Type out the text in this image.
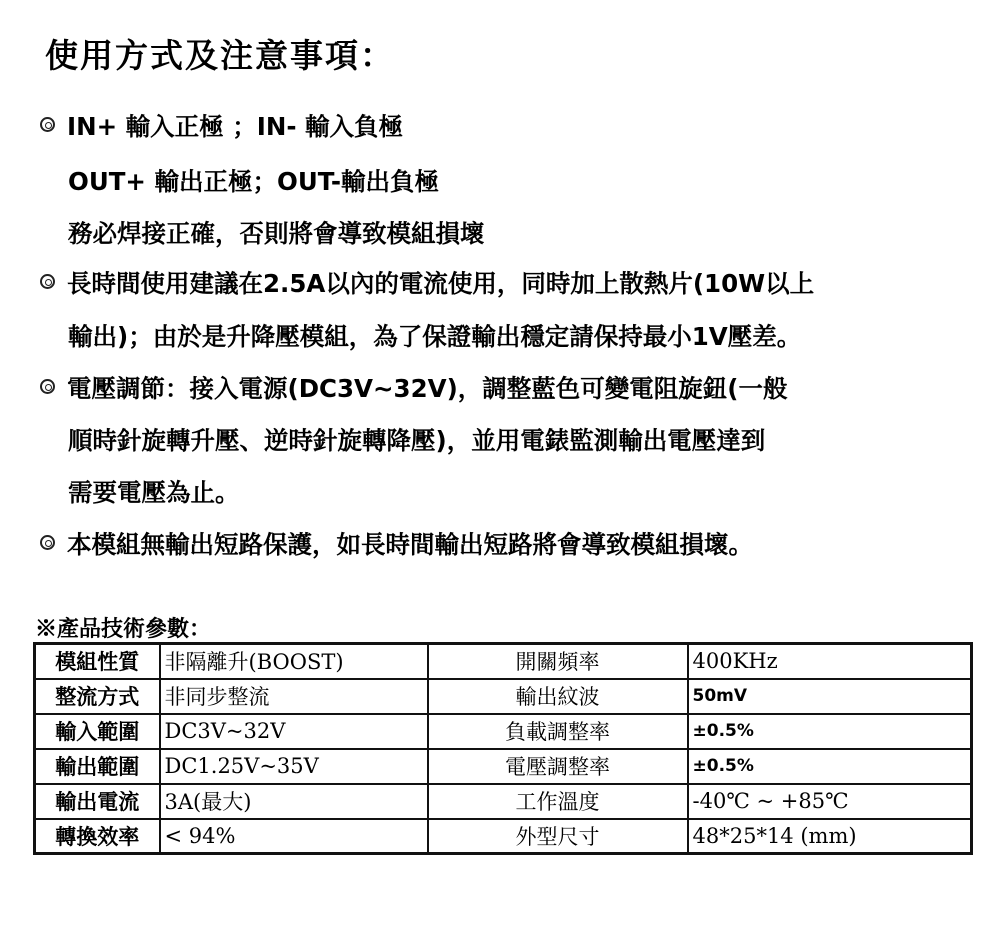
使用方式及注意事項：
IN+ 輸入正極 ；IN- 輸入負極
OUT+ 輸出正極；OUT-輸出負極
務必焊接正確，否則將會導致模組損壞
長時間使用建議在2.5A以內的電流使用，同時加上散熱片(10W以上
輸出)；由於是升降壓模組，為了保證輸出穩定請保持最小1V壓差。
電壓調節：接入電源(DC3V~32V)，調整藍色可變電阻旋鈕(一般
順時針旋轉升壓、逆時針旋轉降壓)，並用電錶監測輸出電壓達到
需要電壓為止。
本模組無輸出短路保護，如長時間輸出短路將會導致模組損壞。
※產品技術參數：
模組性質	非隔離升(BOOST)	開關頻率	400KHz
整流方式	非同步整流	輸出紋波	50mV
輸入範圍	DC3V~32V	負載調整率	±0.5%
輸出範圍	DC1.25V~35V	電壓調整率	±0.5%
輸出電流	3A(最大)	工作溫度	-40℃ ~ +85℃
轉換效率	< 94%	外型尺寸	48*25*14 (mm)
